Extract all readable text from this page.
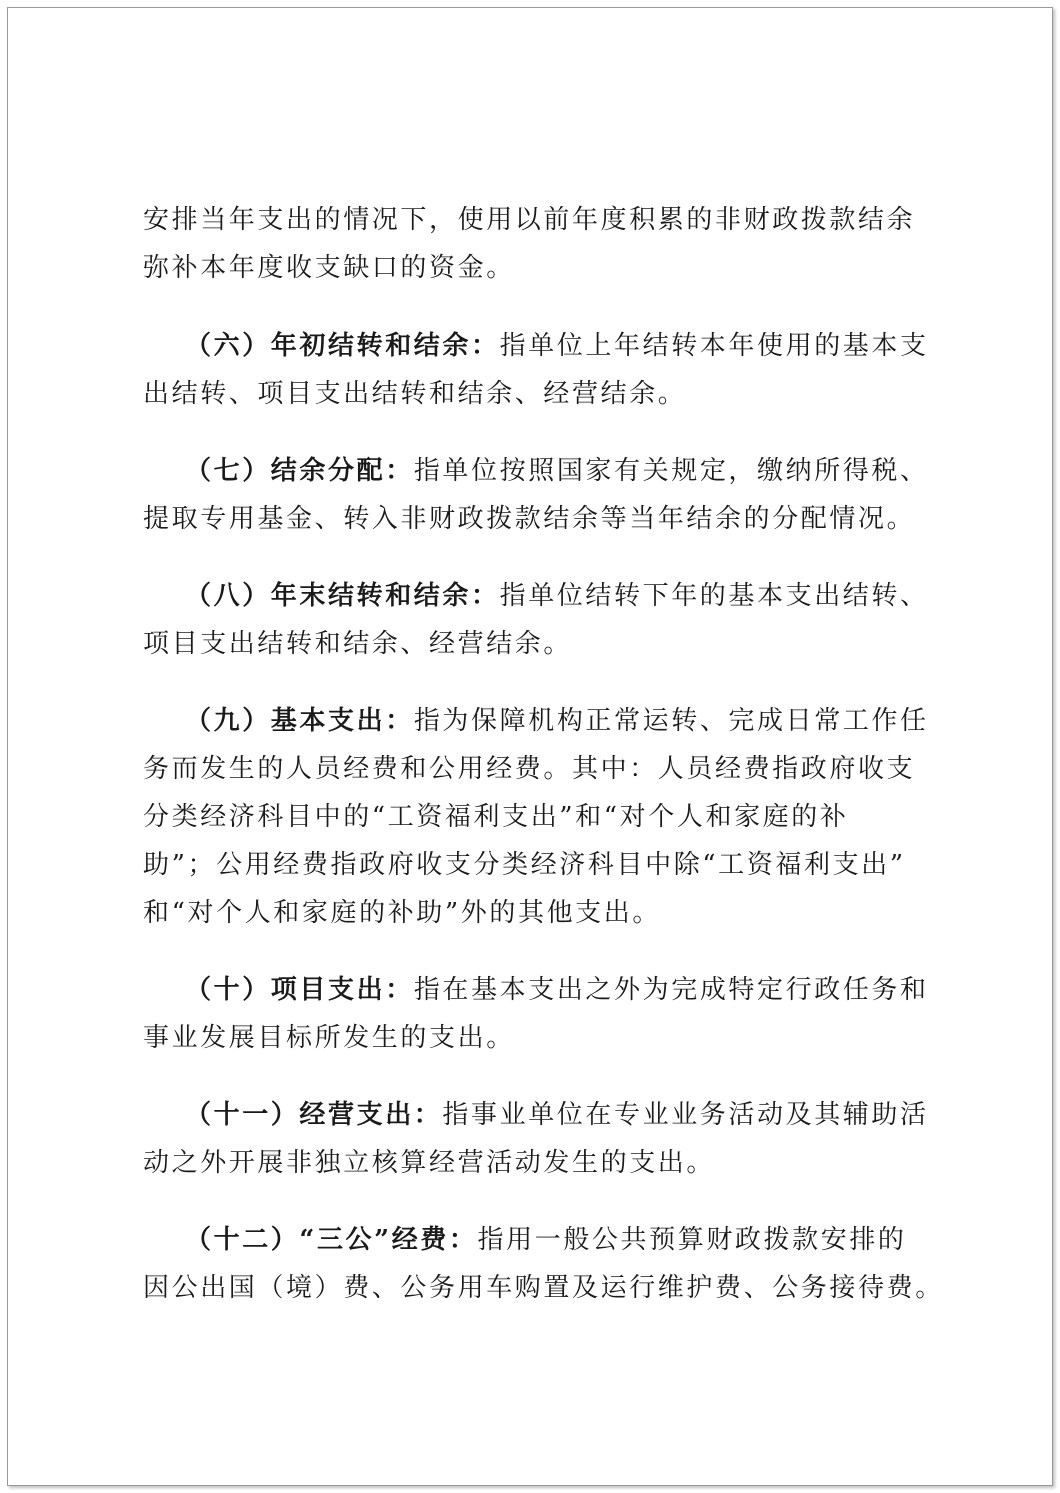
安排当年支出的情况下，使用以前年度积累的非财政拨款结余
弥补本年度收支缺口的资金。

（六）年初结转和结余：指单位上年结转本年使用的基本支
出结转、项目支出结转和结余、经营结余。

（七）结余分配：指单位按照国家有关规定，缴纳所得税、
提取专用基金、转入非财政拨款结余等当年结余的分配情况。

（八）年末结转和结余：指单位结转下年的基本支出结转、
项目支出结转和结余、经营结余。

（九）基本支出：指为保障机构正常运转、完成日常工作任
务而发生的人员经费和公用经费。其中：人员经费指政府收支
分类经济科目中的“工资福利支出”和“对个人和家庭的补
助”；公用经费指政府收支分类经济科目中除“工资福利支出”
和“对个人和家庭的补助”外的其他支出。

（十）项目支出：指在基本支出之外为完成特定行政任务和
事业发展目标所发生的支出。

（十一）经营支出：指事业单位在专业业务活动及其辅助活
动之外开展非独立核算经营活动发生的支出。

（十二）“三公”经费：指用一般公共预算财政拨款安排的
因公出国（境）费、公务用车购置及运行维护费、公务接待费。
